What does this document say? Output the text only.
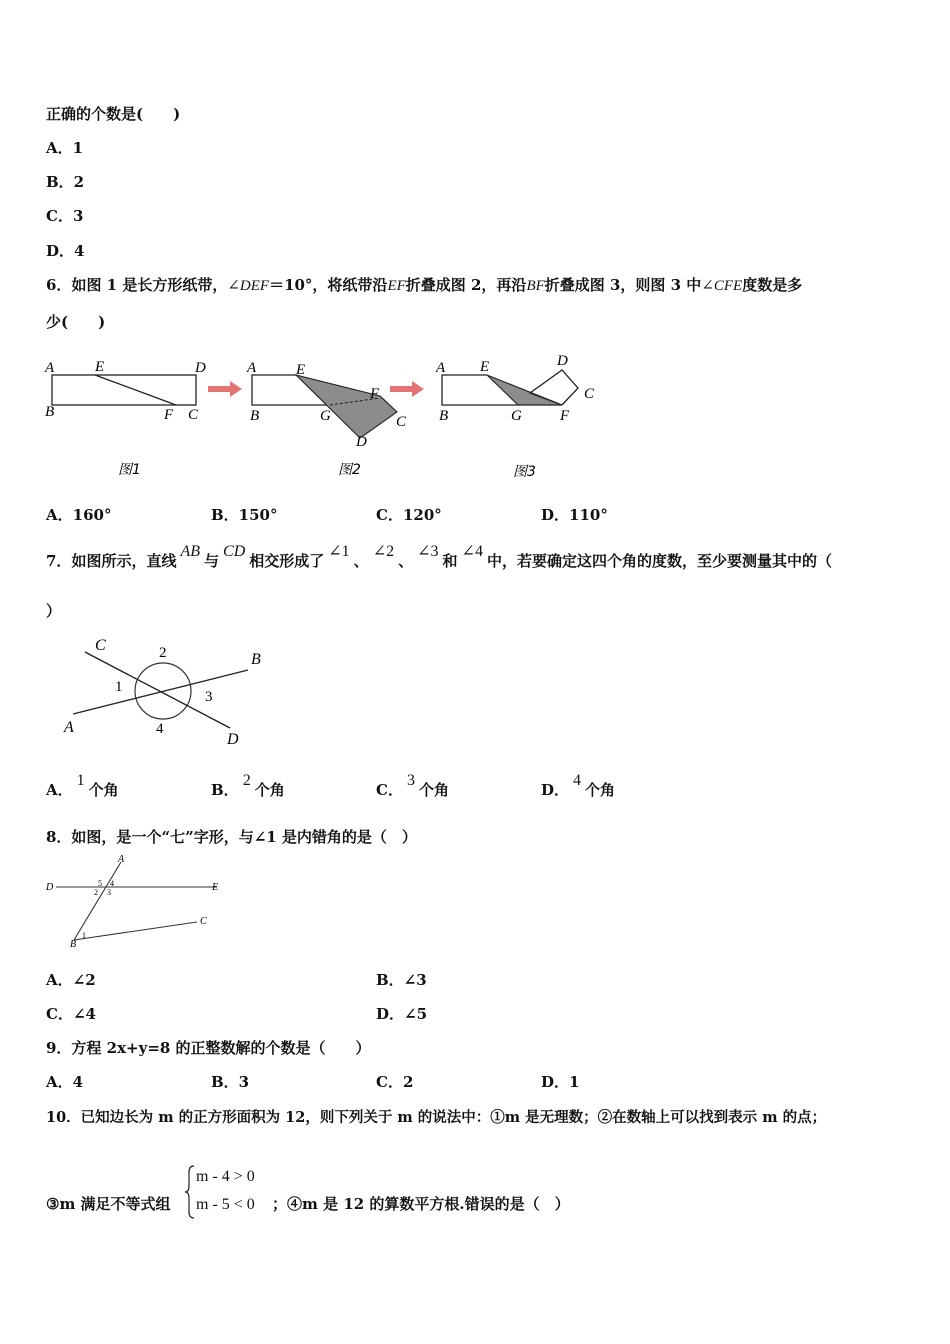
正确的个数是(　　)
A．1
B．2
C．3
D．4
6．如图 1 是长方形纸带，∠DEF＝10°，将纸带沿EF折叠成图 2，再沿BF折叠成图 3，则图 3 中∠CFE度数是多
少(　　)
A	E	D
B	F C
图1
A	E
F
C
D
B	G
图2
A E	D
C
B	G	F
图3
A．160°	B．150°	C．120°	D．110°
7．如图所示，直线AB与CD相交形成了∠1、∠2、∠3和∠4中，若要确定这四个角的度数，至少要测量其中的（
）
C
B
A
D
2
1
3
4
A．1个角	B．2个角	C．3个角	D．4个角
8．如图，是一个“七”字形，与∠1 是内错角的是（　）
A
D	E
C
B
5 4
2 3
1
A．∠2	B．∠3
C．∠4	D．∠5
9．方程 2x+y=8 的正整数解的个数是（　　）
A．4	B．3	C．2	D．1
10．已知边长为 m 的正方形面积为 12，则下列关于 m 的说法中：①m 是无理数；②在数轴上可以找到表示 m 的点；
③m 满足不等式组
m - 4 > 0
m - 5 < 0 ；④m 是 12 的算数平方根.错误的是（　）
